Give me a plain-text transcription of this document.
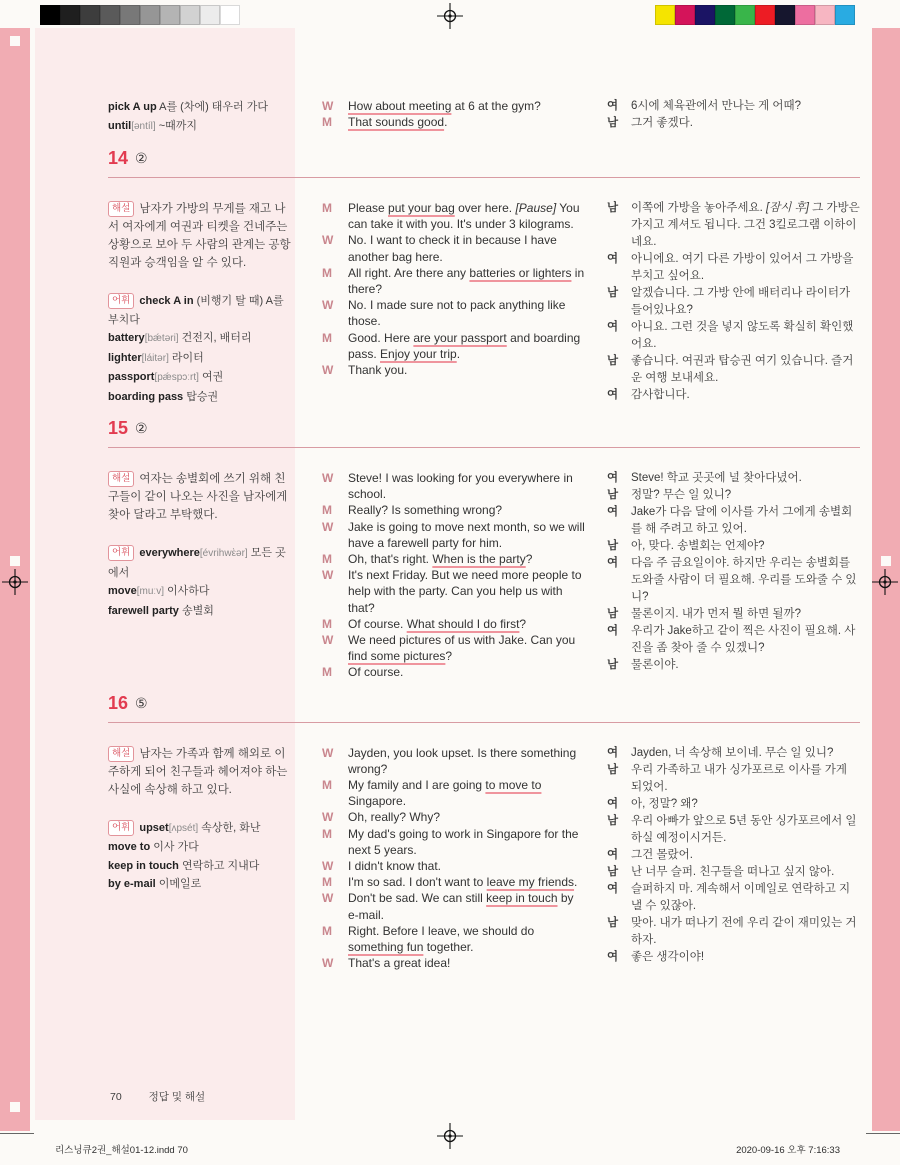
pick A up A를 (차에) 태우러 가다

until[əntíl] ~때까지

W	How about meeting at 6 at the gym?
M	That sounds good.
여	6시에 체육관에서 만나는 게 어때?
남	그거 좋겠다.
14 ②

해설 남자가 가방의 무게를 재고 나서 여자에게 여권과 티켓을 건네주는 상황으로 보아 두 사람의 관계는 공항 직원과 승객임을 알 수 있다.

어휘 check A in (비행기 탈 때) A를 부치다

battery[bǽtəri] 건전지, 배터리

lighter[láitər] 라이터

passport[pǽspɔːrt] 여권

boarding pass 탑승권

M	Please put your bag over here. [Pause] You can take it with you. It's under 3 kilograms.
W	No. I want to check it in because I have another bag here.
M	All right. Are there any batteries or lighters in there?
W	No. I made sure not to pack anything like those.
M	Good. Here are your passport and boarding pass. Enjoy your trip.
W	Thank you.
남	이쪽에 가방을 놓아주세요. [잠시 후] 그 가방은 가지고 계셔도 됩니다. 그건 3킬로그램 이하이네요.
여	아니에요. 여기 다른 가방이 있어서 그 가방을 부치고 싶어요.
남	알겠습니다. 그 가방 안에 배터리나 라이터가 들어있나요?
여	아니요. 그런 것을 넣지 않도록 확실히 확인했어요.
남	좋습니다. 여권과 탑승권 여기 있습니다. 즐거운 여행 보내세요.
여	감사합니다.
15 ②

해설 여자는 송별회에 쓰기 위해 친구들이 같이 나오는 사진을 남자에게 찾아 달라고 부탁했다.

어휘 everywhere[évrihwὲər] 모든 곳에서

move[muːv] 이사하다

farewell party 송별회

W	Steve! I was looking for you everywhere in school.
M	Really? Is something wrong?
W	Jake is going to move next month, so we will have a farewell party for him.
M	Oh, that's right. When is the party?
W	It's next Friday. But we need more people to help with the party. Can you help us with that?
M	Of course. What should I do first?
W	We need pictures of us with Jake. Can you find some pictures?
M	Of course.
여	Steve! 학교 곳곳에 널 찾아다녔어.
남	정말? 무슨 일 있니?
여	Jake가 다음 달에 이사를 가서 그에게 송별회를 해 주려고 하고 있어.
남	아, 맞다. 송별회는 언제야?
여	다음 주 금요일이야. 하지만 우리는 송별회를 도와줄 사람이 더 필요해. 우리를 도와줄 수 있니?
남	물론이지. 내가 먼저 뭘 하면 될까?
여	우리가 Jake하고 같이 찍은 사진이 필요해. 사진을 좀 찾아 줄 수 있겠니?
남	물론이야.
16 ⑤

해설 남자는 가족과 함께 해외로 이주하게 되어 친구들과 헤어져야 하는 사실에 속상해 하고 있다.

어휘 upset[ʌpsét] 속상한, 화난

move to 이사 가다

keep in touch 연락하고 지내다

by e-mail 이메일로

W	Jayden, you look upset. Is there something wrong?
M	My family and I are going to move to Singapore.
W	Oh, really? Why?
M	My dad's going to work in Singapore for the next 5 years.
W	I didn't know that.
M	I'm so sad. I don't want to leave my friends.
W	Don't be sad. We can still keep in touch by e-mail.
M	Right. Before I leave, we should do something fun together.
W	That's a great idea!
여	Jayden, 너 속상해 보이네. 무슨 일 있니?
남	우리 가족하고 내가 싱가포르로 이사를 가게 되었어.
여	아, 정말? 왜?
남	우리 아빠가 앞으로 5년 동안 싱가포르에서 일하실 예정이시거든.
여	그건 몰랐어.
남	난 너무 슬퍼. 친구들을 떠나고 싶지 않아.
여	슬퍼하지 마. 계속해서 이메일로 연락하고 지낼 수 있잖아.
남	맞아. 내가 떠나기 전에 우리 같이 재미있는 거 하자.
여	좋은 생각이야!
70	정답 및 해설
리스닝큐2권_해설01-12.indd 70	2020-09-16 오후 7:16:33
